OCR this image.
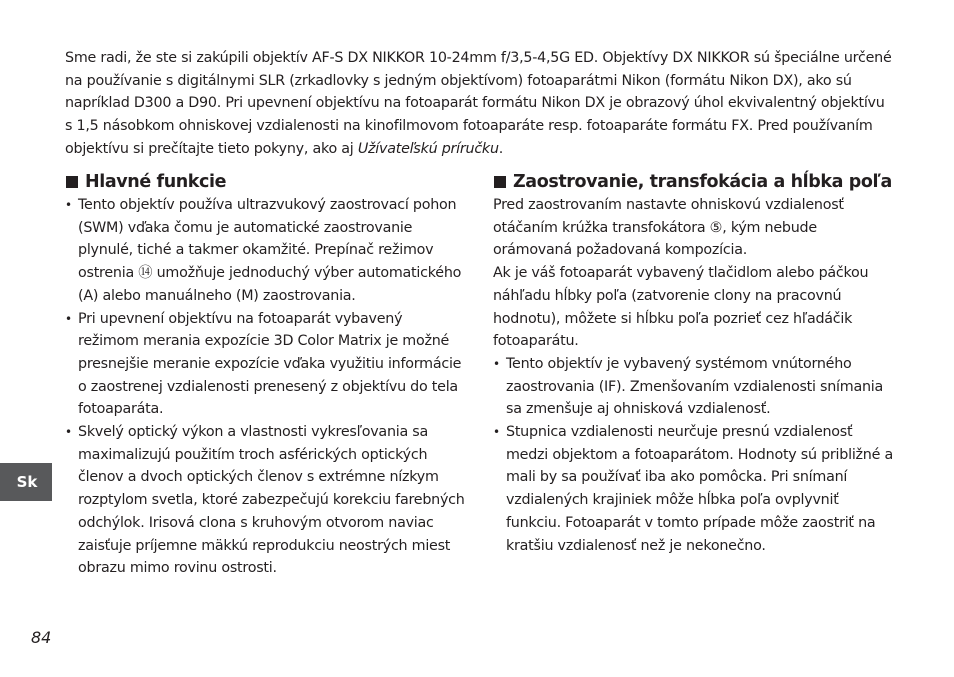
Sme radi, že ste si zakúpili objektív AF-S DX NIKKOR 10-24mm f/3,5-4,5G ED. Objektívy DX NIKKOR sú špeciálne určené na používanie s digitálnymi SLR (zrkadlovky s jedným objektívom) fotoaparátmi Nikon (formátu Nikon DX), ako sú napríklad D300 a D90. Pri upevnení objektívu na fotoaparát formátu Nikon DX je obrazový úhol ekvivalentný objektívu s 1,5 násobkom ohniskovej vzdialenosti na kinofilmovom fotoaparáte resp. fotoaparáte formátu FX. Pred používaním objektívu si prečítajte tieto pokyny, ako aj Užívateľskú príručku.

Hlavné funkcie
• Tento objektív používa ultrazvukový zaostrovací pohon (SWM) vďaka čomu je automatické zaostrovanie plynulé, tiché a takmer okamžité. Prepínač režimov ostrenia ⑭ umožňuje jednoduchý výber automatického (A) alebo manuálneho (M) zaostrovania.
• Pri upevnení objektívu na fotoaparát vybavený režimom merania expozície 3D Color Matrix je možné presnejšie meranie expozície vďaka využitiu informácie o zaostrenej vzdialenosti prenesený z objektívu do tela fotoaparáta.
• Skvelý optický výkon a vlastnosti vykresľovania sa maximalizujú použitím troch asférických optických členov a dvoch optických členov s extrémne nízkym rozptylom svetla, ktoré zabezpečujú korekciu farebných odchýlok. Irisová clona s kruhovým otvorom naviac zaisťuje príjemne mäkkú reprodukciu neostrých miest obrazu mimo rovinu ostrosti.
Zaostrovanie, transfokácia a hĺbka poľa

Pred zaostrovaním nastavte ohniskovú vzdialenosť otáčaním krúžka transfokátora ⑤, kým nebude orámovaná požadovaná kompozícia.

Ak je váš fotoaparát vybavený tlačidlom alebo páčkou náhľadu hĺbky poľa (zatvorenie clony na pracovnú hodnotu), môžete si hĺbku poľa pozrieť cez hľadáčik fotoaparátu.

• Tento objektív je vybavený systémom vnútorného zaostrovania (IF). Zmenšovaním vzdialenosti snímania sa zmenšuje aj ohnisková vzdialenosť.
• Stupnica vzdialenosti neurčuje presnú vzdialenosť medzi objektom a fotoaparátom. Hodnoty sú približné a mali by sa používať iba ako pomôcka. Pri snímaní vzdialených krajiniek môže hĺbka poľa ovplyvniť funkciu. Fotoaparát v tomto prípade môže zaostriť na kratšiu vzdialenosť než je nekonečno.
Sk
84
